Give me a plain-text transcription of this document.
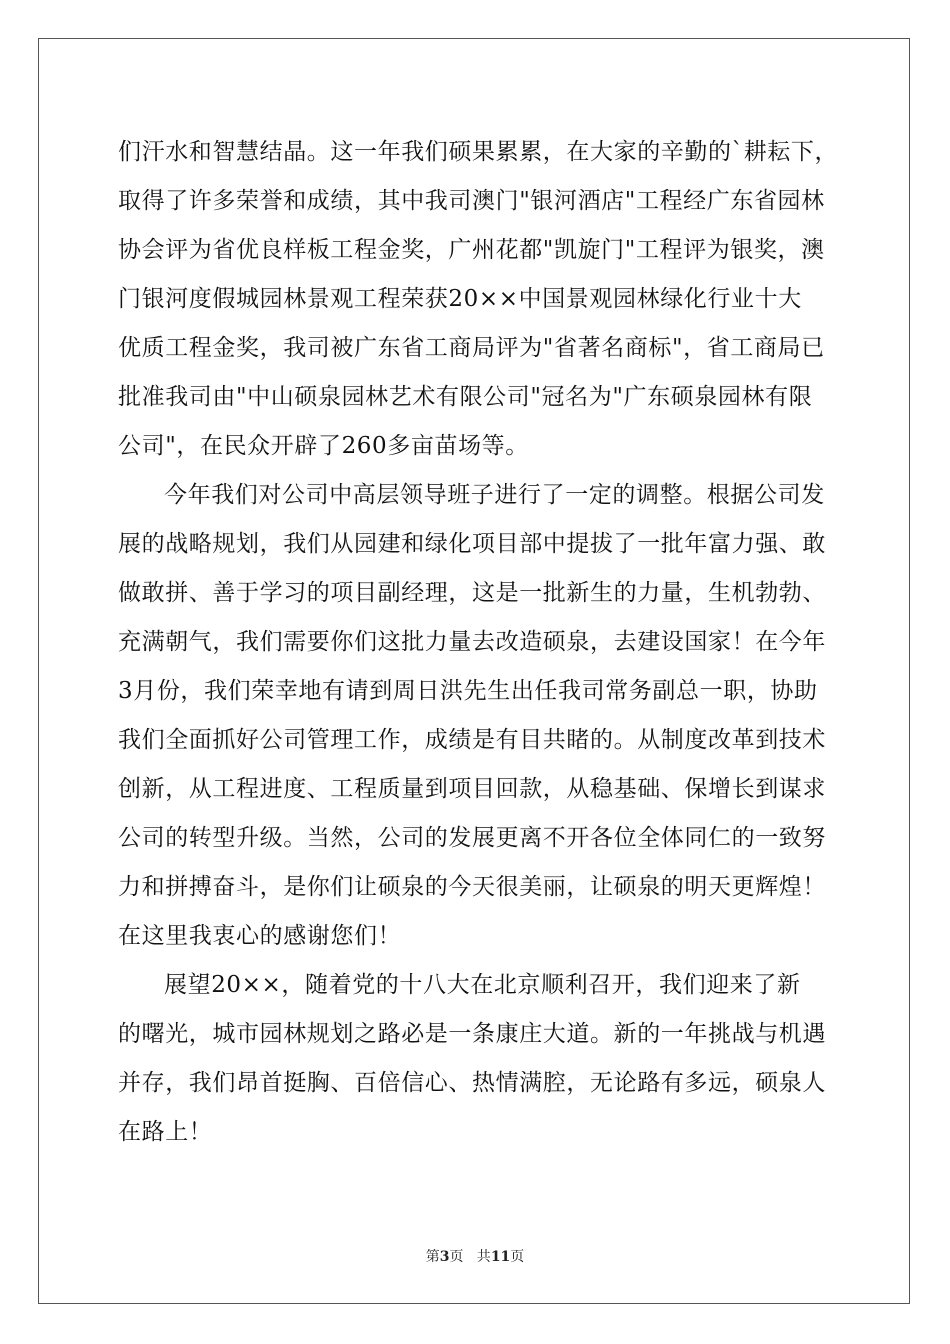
们汗水和智慧结晶。这一年我们硕果累累，在大家的辛勤的`耕耘下，
取得了许多荣誉和成绩，其中我司澳门"银河酒店"工程经广东省园林
协会评为省优良样板工程金奖，广州花都"凯旋门"工程评为银奖，澳
门银河度假城园林景观工程荣获20××中国景观园林绿化行业十大
优质工程金奖，我司被广东省工商局评为"省著名商标"，省工商局已
批准我司由"中山硕泉园林艺术有限公司"冠名为"广东硕泉园林有限
公司"，在民众开辟了260多亩苗场等。
今年我们对公司中高层领导班子进行了一定的调整。根据公司发
展的战略规划，我们从园建和绿化项目部中提拔了一批年富力强、敢
做敢拼、善于学习的项目副经理，这是一批新生的力量，生机勃勃、
充满朝气，我们需要你们这批力量去改造硕泉，去建设国家！在今年
3月份，我们荣幸地有请到周日洪先生出任我司常务副总一职，协助
我们全面抓好公司管理工作，成绩是有目共睹的。从制度改革到技术
创新，从工程进度、工程质量到项目回款，从稳基础、保增长到谋求
公司的转型升级。当然，公司的发展更离不开各位全体同仁的一致努
力和拼搏奋斗，是你们让硕泉的今天很美丽，让硕泉的明天更辉煌！
在这里我衷心的感谢您们！
展望20××，随着党的十八大在北京顺利召开，我们迎来了新
的曙光，城市园林规划之路必是一条康庄大道。新的一年挑战与机遇
并存，我们昂首挺胸、百倍信心、热情满腔，无论路有多远，硕泉人
在路上！
第3页   共11页
